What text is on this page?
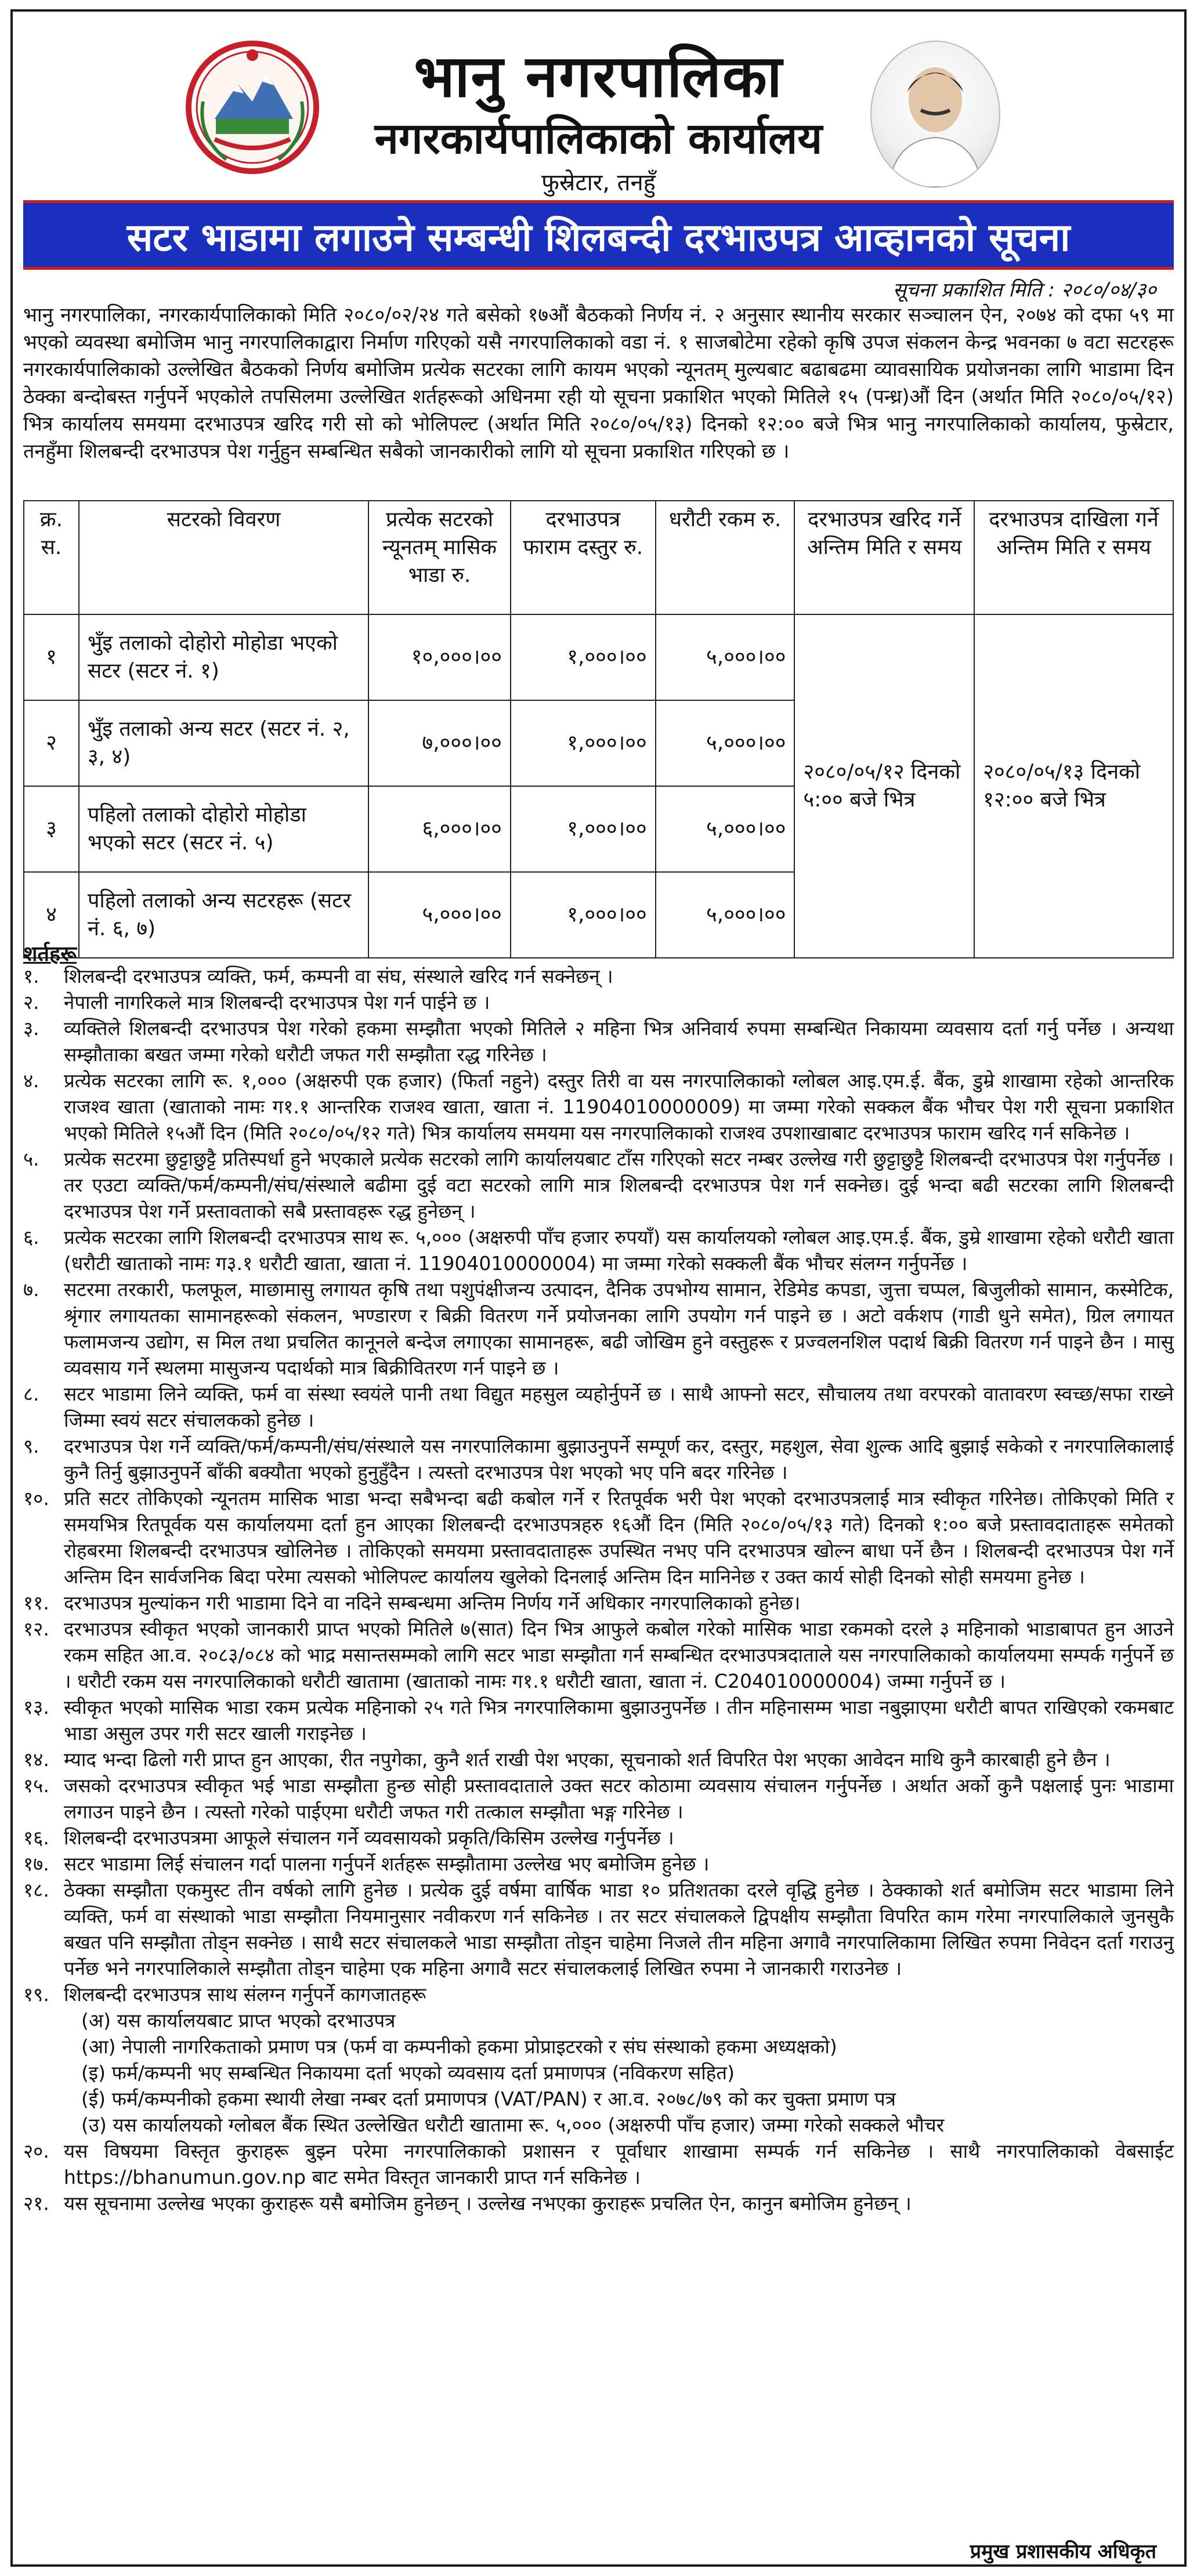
भानु नगरपालिका
नगरकार्यपालिकाको कार्यालय
फुस्रेटार, तनहुँ
सटर भाडामा लगाउने सम्बन्धी शिलबन्दी दरभाउपत्र आव्हानको सूचना
सूचना प्रकाशित मिति : २०८०/०४/३०
भानु नगरपालिका, नगरकार्यपालिकाको मिति २०८०/०२/२४ गते बसेको १७औं बैठकको निर्णय नं. २ अनुसार स्थानीय सरकार सञ्चालन ऐन, २०७४ को दफा ५९ मा भएको व्यवस्था बमोजिम भानु नगरपालिकाद्वारा निर्माण गरिएको यसै नगरपालिकाको वडा नं. १ साजबोटेमा रहेको कृषि उपज संकलन केन्द्र भवनका ७ वटा सटरहरू नगरकार्यपालिकाको उल्लेखित बैठकको निर्णय बमोजिम प्रत्येक सटरका लागि कायम भएको न्यूनतम् मुल्यबाट बढाबढमा व्यावसायिक प्रयोजनका लागि भाडामा दिन ठेक्का बन्दोबस्त गर्नुपर्ने भएकोले तपसिलमा उल्लेखित शर्तहरूको अधिनमा रही यो सूचना प्रकाशित भएको मितिले १५ (पन्ध्र)औं दिन (अर्थात मिति २०८०/०५/१२) भित्र कार्यालय समयमा दरभाउपत्र खरिद गरी सो को भोलिपल्ट (अर्थात मिति २०८०/०५/१३) दिनको १२:०० बजे भित्र भानु नगरपालिकाको कार्यालय, फुस्रेटार, तनहुँमा शिलबन्दी दरभाउपत्र पेश गर्नुहुन सम्बन्धित सबैको जानकारीको लागि यो सूचना प्रकाशित गरिएको छ ।
क्र. स.	सटरको विवरण	प्रत्येक सटरको न्यूनतम् मासिक भाडा रु.	दरभाउपत्र फाराम दस्तुर रु.	धरौटी रकम रु.	दरभाउपत्र खरिद गर्ने अन्तिम मिति र समय	दरभाउपत्र दाखिला गर्ने अन्तिम मिति र समय
१	भुँइ तलाको दोहोरो मोहोडा भएको सटर (सटर नं. १)	१०,०००।००	१,०००।००	५,०००।००	२०८०/०५/१२ दिनको ५:०० बजे भित्र	२०८०/०५/१३ दिनको १२:०० बजे भित्र
२	भुँइ तलाको अन्य सटर (सटर नं. २, ३, ४)	७,०००।००	१,०००।००	५,०००।००		
३	पहिलो तलाको दोहोरो मोहोडा भएको सटर (सटर नं. ५)	६,०००।००	१,०००।००	५,०००।००		
४	पहिलो तलाको अन्य सटरहरू (सटर नं. ६, ७)	५,०००।००	१,०००।००	५,०००।००		
शर्तहरू
१. शिलबन्दी दरभाउपत्र व्यक्ति, फर्म, कम्पनी वा संघ, संस्थाले खरिद गर्न सक्नेछन् ।
२. नेपाली नागरिकले मात्र शिलबन्दी दरभाउपत्र पेश गर्न पाईने छ ।
३. व्यक्तिले शिलबन्दी दरभाउपत्र पेश गरेको हकमा सम्झौता भएको मितिले २ महिना भित्र अनिवार्य रुपमा सम्बन्धित निकायमा व्यवसाय दर्ता गर्नु पर्नेछ । अन्यथा सम्झौताका बखत जम्मा गरेको धरौटी जफत गरी सम्झौता रद्ध गरिनेछ ।
४. प्रत्येक सटरका लागि रू. १,००० (अक्षरुपी एक हजार) (फिर्ता नहुने) दस्तुर तिरी वा यस नगरपालिकाको ग्लोबल आइ.एम.ई. बैंक, डुम्रे शाखामा रहेको आन्तरिक राजश्व खाता (खाताको नामः ग१.१ आन्तरिक राजश्व खाता, खाता नं. 11904010000009) मा जम्मा गरेको सक्कल बैंक भौचर पेश गरी सूचना प्रकाशित भएको मितिले १५औं दिन (मिति २०८०/०५/१२ गते) भित्र कार्यालय समयमा यस नगरपालिकाको राजश्व उपशाखाबाट दरभाउपत्र फाराम खरिद गर्न सकिनेछ ।
५. प्रत्येक सटरमा छुट्टाछुट्टै प्रतिस्पर्धा हुने भएकाले प्रत्येक सटरको लागि कार्यालयबाट टाँस गरिएको सटर नम्बर उल्लेख गरी छुट्टाछुट्टै शिलबन्दी दरभाउपत्र पेश गर्नुपर्नेछ । तर एउटा व्यक्ति/फर्म/कम्पनी/संघ/संस्थाले बढीमा दुई वटा सटरको लागि मात्र शिलबन्दी दरभाउपत्र पेश गर्न सक्नेछ। दुई भन्दा बढी सटरका लागि शिलबन्दी दरभाउपत्र पेश गर्ने प्रस्तावताको सबै प्रस्तावहरू रद्ध हुनेछन् ।
६. प्रत्येक सटरका लागि शिलबन्दी दरभाउपत्र साथ रू. ५,००० (अक्षरुपी पाँच हजार रुपयाँ) यस कार्यालयको ग्लोबल आइ.एम.ई. बैंक, डुम्रे शाखामा रहेको धरौटी खाता (धरौटी खाताको नामः ग३.१ धरौटी खाता, खाता नं. 11904010000004) मा जम्मा गरेको सक्कली बैंक भौचर संलग्न गर्नुपर्नेछ ।
७. सटरमा तरकारी, फलफूल, माछामासु लगायत कृषि तथा पशुपंक्षीजन्य उत्पादन, दैनिक उपभोग्य सामान, रेडिमेड कपडा, जुत्ता चप्पल, बिजुलीको सामान, कस्मेटिक, श्रृंगार लगायतका सामानहरूको संकलन, भण्डारण र बिक्री वितरण गर्ने प्रयोजनका लागि उपयोग गर्न पाइने छ । अटो वर्कशप (गाडी धुने समेत), ग्रिल लगायत फलामजन्य उद्योग, स मिल तथा प्रचलित कानूनले बन्देज लगाएका सामानहरू, बढी जोखिम हुने वस्तुहरू र प्रज्वलनशिल पदार्थ बिक्री वितरण गर्न पाइने छैन । मासु व्यवसाय गर्ने स्थलमा मासुजन्य पदार्थको मात्र बिक्रीवितरण गर्न पाइने छ ।
८. सटर भाडामा लिने व्यक्ति, फर्म वा संस्था स्वयंले पानी तथा विद्युत महसुल व्यहोर्नुपर्ने छ । साथै आफ्नो सटर, सौचालय तथा वरपरको वातावरण स्वच्छ/सफा राख्ने जिम्मा स्वयं सटर संचालकको हुनेछ ।
९. दरभाउपत्र पेश गर्ने व्यक्ति/फर्म/कम्पनी/संघ/संस्थाले यस नगरपालिकामा बुझाउनुपर्ने सम्पूर्ण कर, दस्तुर, महशुल, सेवा शुल्क आदि बुझाई सकेको र नगरपालिकालाई कुनै तिर्नु बुझाउनुपर्ने बाँकी बक्यौता भएको हुनुहुँदैन । त्यस्तो दरभाउपत्र पेश भएको भए पनि बदर गरिनेछ ।
१०. प्रति सटर तोकिएको न्यूनतम मासिक भाडा भन्दा सबैभन्दा बढी कबोल गर्ने र रितपूर्वक भरी पेश भएको दरभाउपत्रलाई मात्र स्वीकृत गरिनेछ। तोकिएको मिति र समयभित्र रितपूर्वक यस कार्यालयमा दर्ता हुन आएका शिलबन्दी दरभाउपत्रहरु १६औं दिन (मिति २०८०/०५/१३ गते) दिनको १:०० बजे प्रस्तावदाताहरू समेतको रोहबरमा शिलबन्दी दरभाउपत्र खोलिनेछ । तोकिएको समयमा प्रस्तावदाताहरू उपस्थित नभए पनि दरभाउपत्र खोल्न बाधा पर्ने छैन । शिलबन्दी दरभाउपत्र पेश गर्ने अन्तिम दिन सार्वजनिक बिदा परेमा त्यसको भोलिपल्ट कार्यालय खुलेको दिनलाई अन्तिम दिन मानिनेछ र उक्त कार्य सोही दिनको सोही समयमा हुनेछ ।
११. दरभाउपत्र मुल्यांकन गरी भाडामा दिने वा नदिने सम्बन्धमा अन्तिम निर्णय गर्ने अधिकार नगरपालिकाको हुनेछ।
१२. दरभाउपत्र स्वीकृत भएको जानकारी प्राप्त भएको मितिले ७(सात) दिन भित्र आफुले कबोल गरेको मासिक भाडा रकमको दरले ३ महिनाको भाडाबापत हुन आउने रकम सहित आ.व. २०८३/०८४ को भाद्र मसान्तसम्मको लागि सटर भाडा सम्झौता गर्न सम्बन्धित दरभाउपत्रदाताले यस नगरपालिकाको कार्यालयमा सम्पर्क गर्नुपर्ने छ । धरौटी रकम यस नगरपालिकाको धरौटी खातामा (खाताको नामः ग१.१ धरौटी खाता, खाता नं. C204010000004) जम्मा गर्नुपर्ने छ ।
१३. स्वीकृत भएको मासिक भाडा रकम प्रत्येक महिनाको २५ गते भित्र नगरपालिकामा बुझाउनुपर्नेछ । तीन महिनासम्म भाडा नबुझाएमा धरौटी बापत राखिएको रकमबाट भाडा असुल उपर गरी सटर खाली गराइनेछ ।
१४. म्याद भन्दा ढिलो गरी प्राप्त हुन आएका, रीत नपुगेका, कुनै शर्त राखी पेश भएका, सूचनाको शर्त विपरित पेश भएका आवेदन माथि कुनै कारबाही हुने छैन ।
१५. जसको दरभाउपत्र स्वीकृत भई भाडा सम्झौता हुन्छ सोही प्रस्तावदाताले उक्त सटर कोठामा व्यवसाय संचालन गर्नुपर्नेछ । अर्थात अर्को कुनै पक्षलाई पुनः भाडामा लगाउन पाइने छैन । त्यस्तो गरेको पाईएमा धरौटी जफत गरी तत्काल सम्झौता भङ्ग गरिनेछ ।
१६. शिलबन्दी दरभाउपत्रमा आफूले संचालन गर्ने व्यवसायको प्रकृति/किसिम उल्लेख गर्नुपर्नेछ ।
१७. सटर भाडामा लिई संचालन गर्दा पालना गर्नुपर्ने शर्तहरू सम्झौतामा उल्लेख भए बमोजिम हुनेछ ।
१८. ठेक्का सम्झौता एकमुस्ट तीन वर्षको लागि हुनेछ । प्रत्येक दुई वर्षमा वार्षिक भाडा १० प्रतिशतका दरले वृद्धि हुनेछ । ठेक्काको शर्त बमोजिम सटर भाडामा लिने व्यक्ति, फर्म वा संस्थाको भाडा सम्झौता नियमानुसार नवीकरण गर्न सकिनेछ । तर सटर संचालकले द्विपक्षीय सम्झौता विपरित काम गरेमा नगरपालिकाले जुनसुकै बखत पनि सम्झौता तोड्न सक्नेछ । साथै सटर संचालकले भाडा सम्झौता तोड्न चाहेमा निजले तीन महिना अगावै नगरपालिकामा लिखित रुपमा निवेदन दर्ता गराउनु पर्नेछ भने नगरपालिकाले सम्झौता तोड्न चाहेमा एक महिना अगावै सटर संचालकलाई लिखित रुपमा ने जानकारी गराउनेछ ।
१९. शिलबन्दी दरभाउपत्र साथ संलग्न गर्नुपर्ने कागजातहरू
(अ) यस कार्यालयबाट प्राप्त भएको दरभाउपत्र
(आ) नेपाली नागरिकताको प्रमाण पत्र (फर्म वा कम्पनीको हकमा प्रोप्राइटरको र संघ संस्थाको हकमा अध्यक्षको)
(इ) फर्म/कम्पनी भए सम्बन्धित निकायमा दर्ता भएको व्यवसाय दर्ता प्रमाणपत्र (नविकरण सहित)
(ई) फर्म/कम्पनीको हकमा स्थायी लेखा नम्बर दर्ता प्रमाणपत्र (VAT/PAN) र आ.व. २०७८/७९ को कर चुक्ता प्रमाण पत्र
(उ) यस कार्यालयको ग्लोबल बैंक स्थित उल्लेखित धरौटी खातामा रू. ५,००० (अक्षरुपी पाँच हजार) जम्मा गरेको सक्कले भौचर
२०. यस विषयमा विस्तृत कुराहरू बुझ्न परेमा नगरपालिकाको प्रशासन र पूर्वाधार शाखामा सम्पर्क गर्न सकिनेछ । साथै नगरपालिकाको वेबसाईट https://bhanumun.gov.np बाट समेत विस्तृत जानकारी प्राप्त गर्न सकिनेछ ।
२१. यस सूचनामा उल्लेख भएका कुराहरू यसै बमोजिम हुनेछन् । उल्लेख नभएका कुराहरू प्रचलित ऐन, कानुन बमोजिम हुनेछन् ।
प्रमुख प्रशासकीय अधिकृत
